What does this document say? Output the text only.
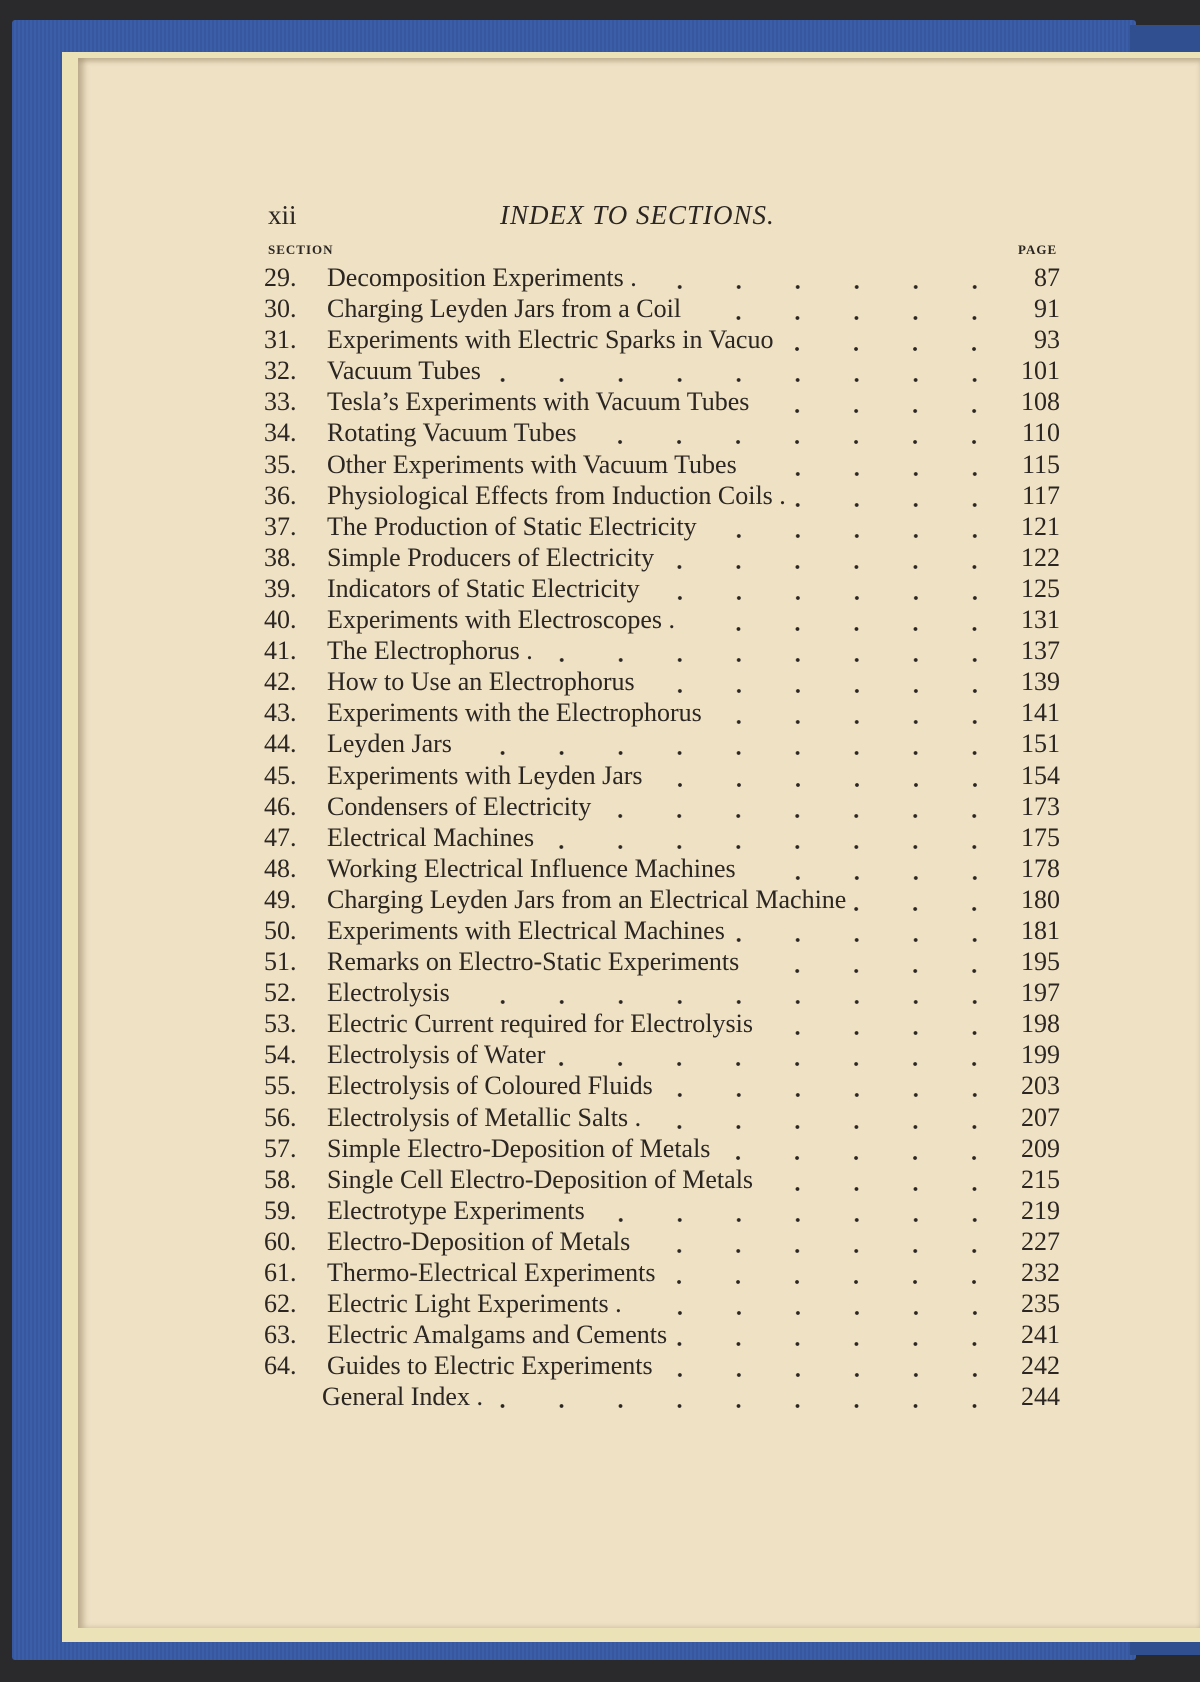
xii	INDEX TO SECTIONS.
SECTION	PAGE
29.	Decomposition Experiments .	87
30.	Charging Leyden Jars from a Coil	91
31.	Experiments with Electric Sparks in Vacuo	93
32.	Vacuum Tubes	101
33.	Tesla’s Experiments with Vacuum Tubes	108
34.	Rotating Vacuum Tubes	110
35.	Other Experiments with Vacuum Tubes	115
36.	Physiological Effects from Induction Coils .	117
37.	The Production of Static Electricity	121
38.	Simple Producers of Electricity	122
39.	Indicators of Static Electricity	125
40.	Experiments with Electroscopes .	131
41.	The Electrophorus .	137
42.	How to Use an Electrophorus	139
43.	Experiments with the Electrophorus	141
44.	Leyden Jars	151
45.	Experiments with Leyden Jars	154
46.	Condensers of Electricity	173
47.	Electrical Machines	175
48.	Working Electrical Influence Machines	178
49.	Charging Leyden Jars from an Electrical Machine	180
50.	Experiments with Electrical Machines	181
51.	Remarks on Electro-Static Experiments	195
52.	Electrolysis	197
53.	Electric Current required for Electrolysis	198
54.	Electrolysis of Water	199
55.	Electrolysis of Coloured Fluids	203
56.	Electrolysis of Metallic Salts .	207
57.	Simple Electro-Deposition of Metals	209
58.	Single Cell Electro-Deposition of Metals	215
59.	Electrotype Experiments	219
60.	Electro-Deposition of Metals	227
61.	Thermo-Electrical Experiments	232
62.	Electric Light Experiments .	235
63.	Electric Amalgams and Cements	241
64.	Guides to Electric Experiments	242
General Index .	244
